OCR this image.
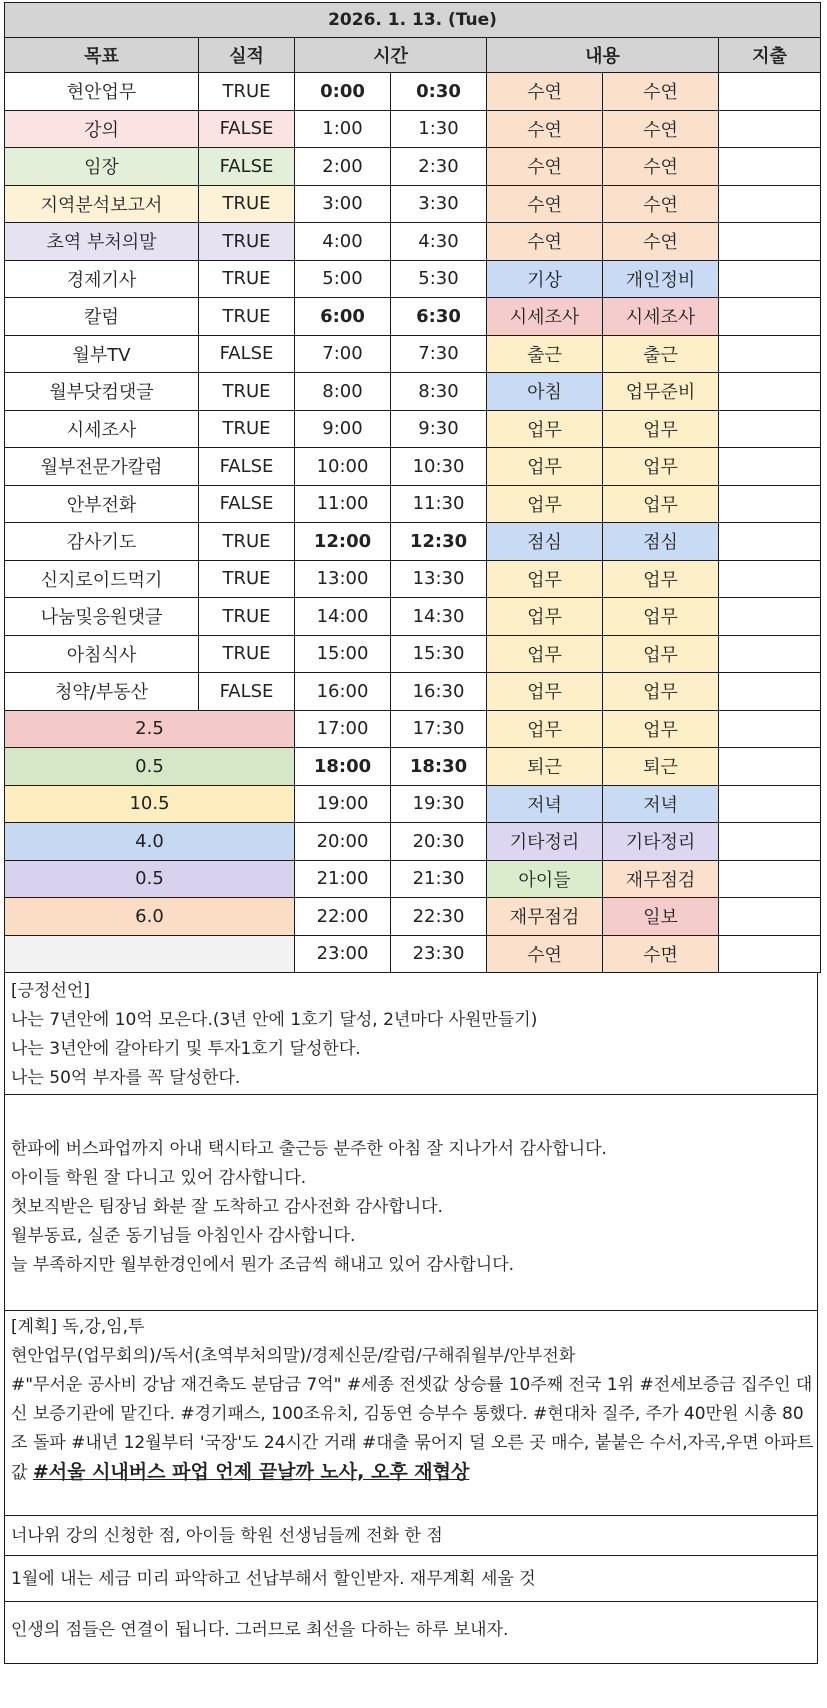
2026. 1. 13. (Tue)						
목표	실적	시간		내용		지출
현안업무	TRUE	0:00	0:30	수연	수연	
강의	FALSE	1:00	1:30	수연	수연	
임장	FALSE	2:00	2:30	수연	수연	
지역분석보고서	TRUE	3:00	3:30	수연	수연	
초역 부처의말	TRUE	4:00	4:30	수연	수연	
경제기사	TRUE	5:00	5:30	기상	개인정비	
칼럼	TRUE	6:00	6:30	시세조사	시세조사	
월부TV	FALSE	7:00	7:30	출근	출근	
월부닷컴댓글	TRUE	8:00	8:30	아침	업무준비	
시세조사	TRUE	9:00	9:30	업무	업무	
월부전문가칼럼	FALSE	10:00	10:30	업무	업무	
안부전화	FALSE	11:00	11:30	업무	업무	
감사기도	TRUE	12:00	12:30	점심	점심	
신지로이드먹기	TRUE	13:00	13:30	업무	업무	
나눔및응원댓글	TRUE	14:00	14:30	업무	업무	
아침식사	TRUE	15:00	15:30	업무	업무	
청약/부동산	FALSE	16:00	16:30	업무	업무	
2.5		17:00	17:30	업무	업무	
0.5		18:00	18:30	퇴근	퇴근	
10.5		19:00	19:30	저녁	저녁	
4.0		20:00	20:30	기타정리	기타정리	
0.5		21:00	21:30	아이들	재무점검	
6.0		22:00	22:30	재무점검	일보	
		23:00	23:30	수연	수면	
[긍정선언]
나는 7년안에 10억 모은다.(3년 안에 1호기 달성, 2년마다 사원만들기)
나는 3년안에 갈아타기 및 투자1호기 달성한다.
나는 50억 부자를 꼭 달성한다.
한파에 버스파업까지 아내 택시타고 출근등 분주한 아침 잘 지나가서 감사합니다.
아이들 학원 잘 다니고 있어 감사합니다.
첫보직받은 팀장님 화분 잘 도착하고 감사전화 감사합니다.
월부동료, 실준 동기님들 아침인사 감사합니다.
늘 부족하지만 월부한경인에서 뭔가 조금씩 해내고 있어 감사합니다.
[계획] 독,강,임,투
현안업무(업무회의)/독서(초역부처의말)/경제신문/칼럼/구해줘월부/안부전화
#"무서운 공사비 강남 재건축도 분담금 7억" #세종 전셋값 상승률 10주째 전국 1위 #전세보증금 집주인 대신 보증기관에 맡긴다. #경기패스, 100조유치, 김동연 승부수 통했다. #현대차 질주, 주가 40만원 시총 80조 돌파 #내년 12월부터 '국장'도 24시간 거래 #대출 묶어지 덜 오른 곳 매수, 붙붙은 수서,자곡,우면 아파트값 #서울 시내버스 파업 언제 끝날까 노사, 오후 재협상
너나위 강의 신청한 점, 아이들 학원 선생님들께 전화 한 점
1월에 내는 세금 미리 파악하고 선납부해서 할인받자. 재무계획 세울 것
인생의 점들은 연결이 됩니다. 그러므로 최선을 다하는 하루 보내자.
